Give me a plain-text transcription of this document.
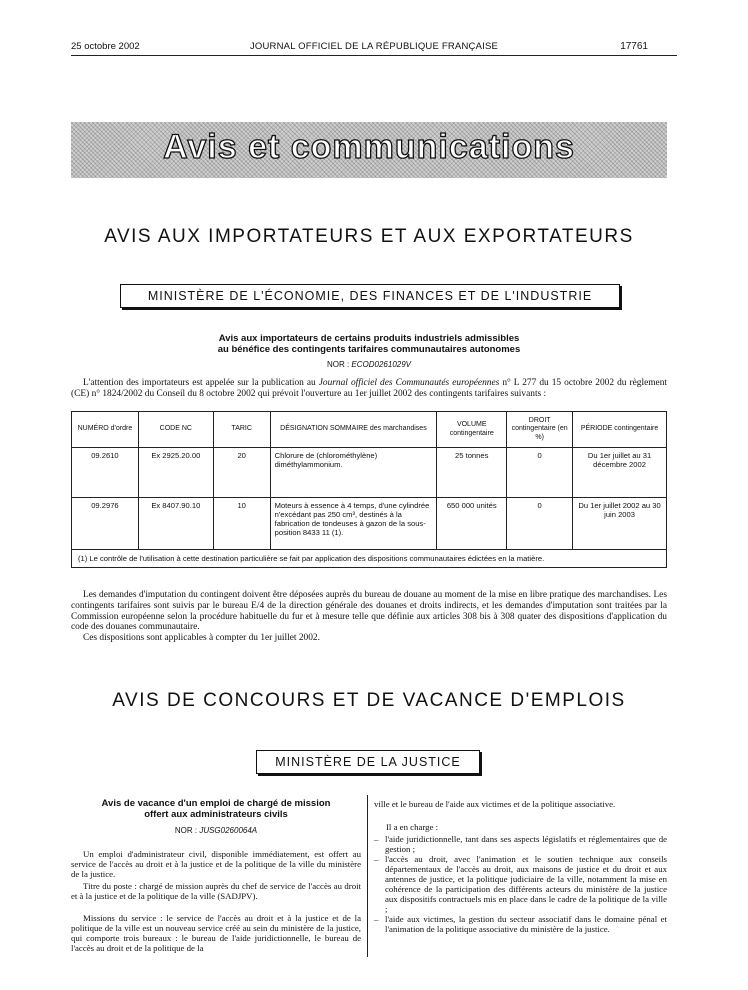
25 octobre 2002	JOURNAL OFFICIEL DE LA RÉPUBLIQUE FRANÇAISE	17761
Avis et communications
AVIS AUX IMPORTATEURS ET AUX EXPORTATEURS
MINISTÈRE DE L'ÉCONOMIE, DES FINANCES ET DE L'INDUSTRIE
Avis aux importateurs de certains produits industriels admissibles
au bénéfice des contingents tarifaires communautaires autonomes
NOR : ECOD0261029V
L'attention des importateurs est appelée sur la publication au Journal officiel des Communautés européennes n° L 277 du 15 octobre 2002 du règlement (CE) n° 1824/2002 du Conseil du 8 octobre 2002 qui prévoit l'ouverture au 1er juillet 2002 des contingents tarifaires suivants :
NUMÉRO d'ordre	CODE NC	TARIC	DÉSIGNATION SOMMAIRE des marchandises	VOLUME contingentaire	DROIT contingentaire (en %)	PÉRIODE contingentaire
09.2610	Ex 2925.20.00	20	Chlorure de (chlorométhylène) diméthylammonium.	25 tonnes	0	Du 1er juillet au 31 décembre 2002
09.2976	Ex 8407.90.10	10	Moteurs à essence à 4 temps, d'une cylindrée n'excédant pas 250 cm³, destinés à la fabrication de tondeuses à gazon de la sous-position 8433 11 (1).	650 000 unités	0	Du 1er juillet 2002 au 30 juin 2003
(1) Le contrôle de l'utilisation à cette destination particulière se fait par application des dispositions communautaires édictées en la matière.						
Les demandes d'imputation du contingent doivent être déposées auprès du bureau de douane au moment de la mise en libre pratique des marchandises. Les contingents tarifaires sont suivis par le bureau E/4 de la direction générale des douanes et droits indirects, et les demandes d'imputation sont traitées par la Commission européenne selon la procédure habituelle du fur et à mesure telle que définie aux articles 308 bis à 308 quater des dispositions d'application du code des douanes communautaire.
Ces dispositions sont applicables à compter du 1er juillet 2002.
AVIS DE CONCOURS ET DE VACANCE D'EMPLOIS
MINISTÈRE DE LA JUSTICE
Avis de vacance d'un emploi de chargé de mission
offert aux administrateurs civils
NOR : JUSG0260064A
Un emploi d'administrateur civil, disponible immédiatement, est offert au service de l'accès au droit et à la justice et de la politique de la ville du ministère de la justice.
Titre du poste : chargé de mission auprès du chef de service de l'accès au droit et à la justice et de la politique de la ville (SADJPV).
Missions du service : le service de l'accès au droit et à la justice et de la politique de la ville est un nouveau service créé au sein du ministère de la justice, qui comporte trois bureaux : le bureau de l'aide juridictionnelle, le bureau de l'accès au droit et de la politique de la
ville et le bureau de l'aide aux victimes et de la politique associative.
Il a en charge :
– l'aide juridictionnelle, tant dans ses aspects législatifs et réglementaires que de gestion ;
– l'accès au droit, avec l'animation et le soutien technique aux conseils départementaux de l'accès au droit, aux maisons de justice et du droit et aux antennes de justice, et la politique judiciaire de la ville, notamment la mise en cohérence de la participation des différents acteurs du ministère de la justice aux dispositifs contractuels mis en place dans le cadre de la politique de la ville ;
– l'aide aux victimes, la gestion du secteur associatif dans le domaine pénal et l'animation de la politique associative du ministère de la justice.
